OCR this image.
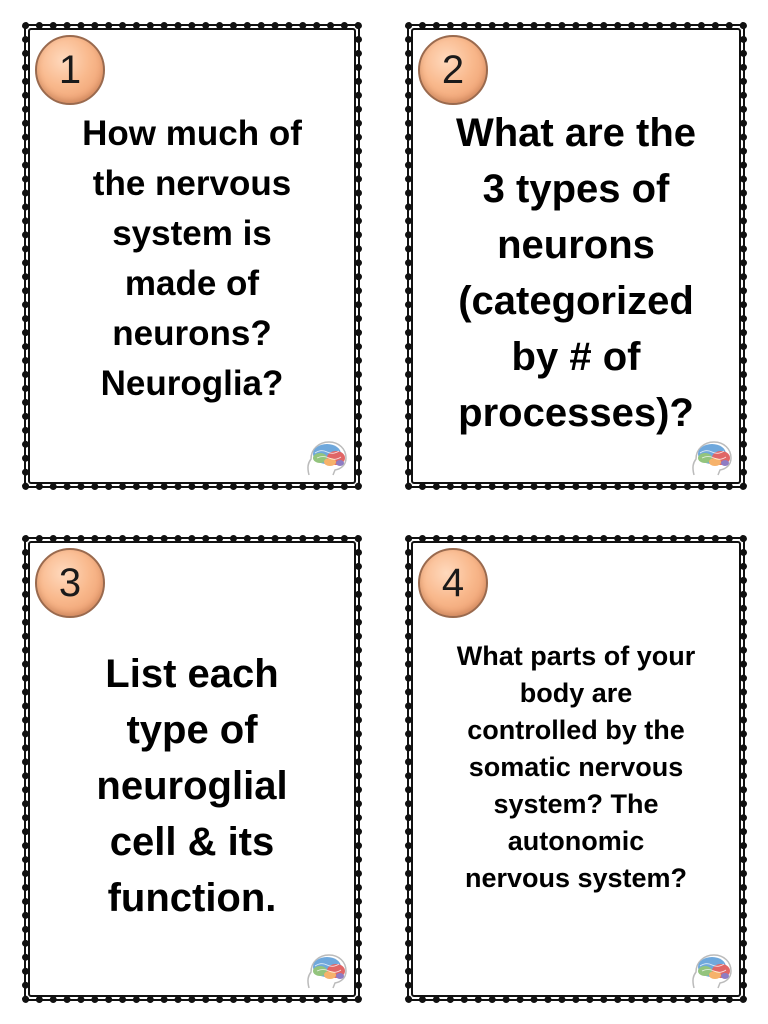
1
How much of
the nervous
system is
made of
neurons?
Neuroglia?
2
What are the
3 types of
neurons
(categorized
by # of
processes)?
3
List each
type of
neuroglial
cell & its
function.
4
What parts of your
body are
controlled by the
somatic nervous
system? The
autonomic
nervous system?
